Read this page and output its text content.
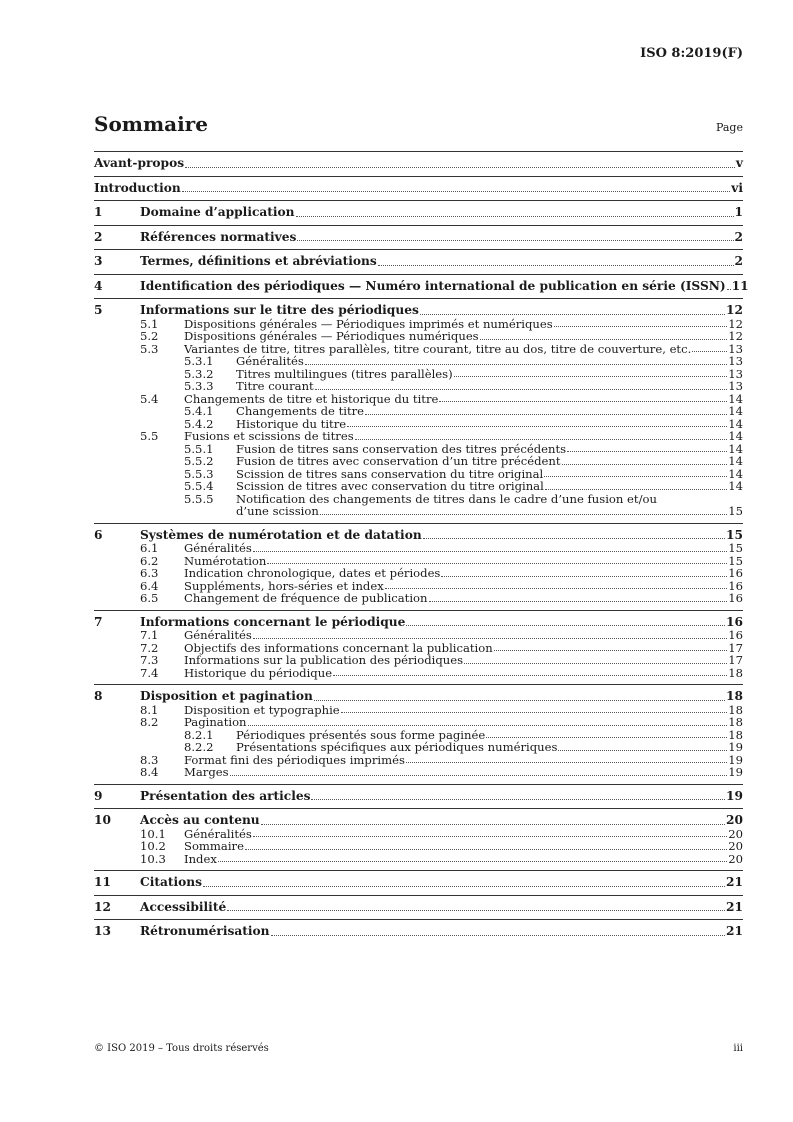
ISO 8:2019(F)
Sommaire	Page
Avant-propos	v
Introduction	vi
1	Domaine d’application	1
2	Références normatives	2
3	Termes, définitions et abréviations	2
4	Identification des périodiques — Numéro international de publication en série (ISSN) 11
5	Informations sur le titre des périodiques	12
5.1	Dispositions générales — Périodiques imprimés et numériques	12
5.2	Dispositions générales — Périodiques numériques	12
5.3	Variantes de titre, titres parallèles, titre courant, titre au dos, titre de couverture, etc.	13
5.3.1	Généralités	13
5.3.2	Titres multilingues (titres parallèles)	13
5.3.3	Titre courant	13
5.4	Changements de titre et historique du titre	14
5.4.1	Changements de titre	14
5.4.2	Historique du titre	14
5.5	Fusions et scissions de titres	14
5.5.1	Fusion de titres sans conservation des titres précédents	14
5.5.2	Fusion de titres avec conservation d’un titre précédent	14
5.5.3	Scission de titres sans conservation du titre original	14
5.5.4	Scission de titres avec conservation du titre original	14
5.5.5	Notification des changements de titres dans le cadre d’une fusion et/ou
d’une scission	15
6	Systèmes de numérotation et de datation	15
6.1	Généralités	15
6.2	Numérotation	15
6.3	Indication chronologique, dates et périodes	16
6.4	Suppléments, hors-séries et index	16
6.5	Changement de fréquence de publication	16
7	Informations concernant le périodique	16
7.1	Généralités	16
7.2	Objectifs des informations concernant la publication	17
7.3	Informations sur la publication des périodiques	17
7.4	Historique du périodique	18
8	Disposition et pagination	18
8.1	Disposition et typographie	18
8.2	Pagination	18
8.2.1	Périodiques présentés sous forme paginée	18
8.2.2	Présentations spécifiques aux périodiques numériques	19
8.3	Format fini des périodiques imprimés	19
8.4	Marges	19
9	Présentation des articles	19
10	Accès au contenu	20
10.1	Généralités	20
10.2	Sommaire	20
10.3	Index	20
11	Citations	21
12	Accessibilité	21
13	Rétronumérisation	21
© ISO 2019 – Tous droits réservés	iii
